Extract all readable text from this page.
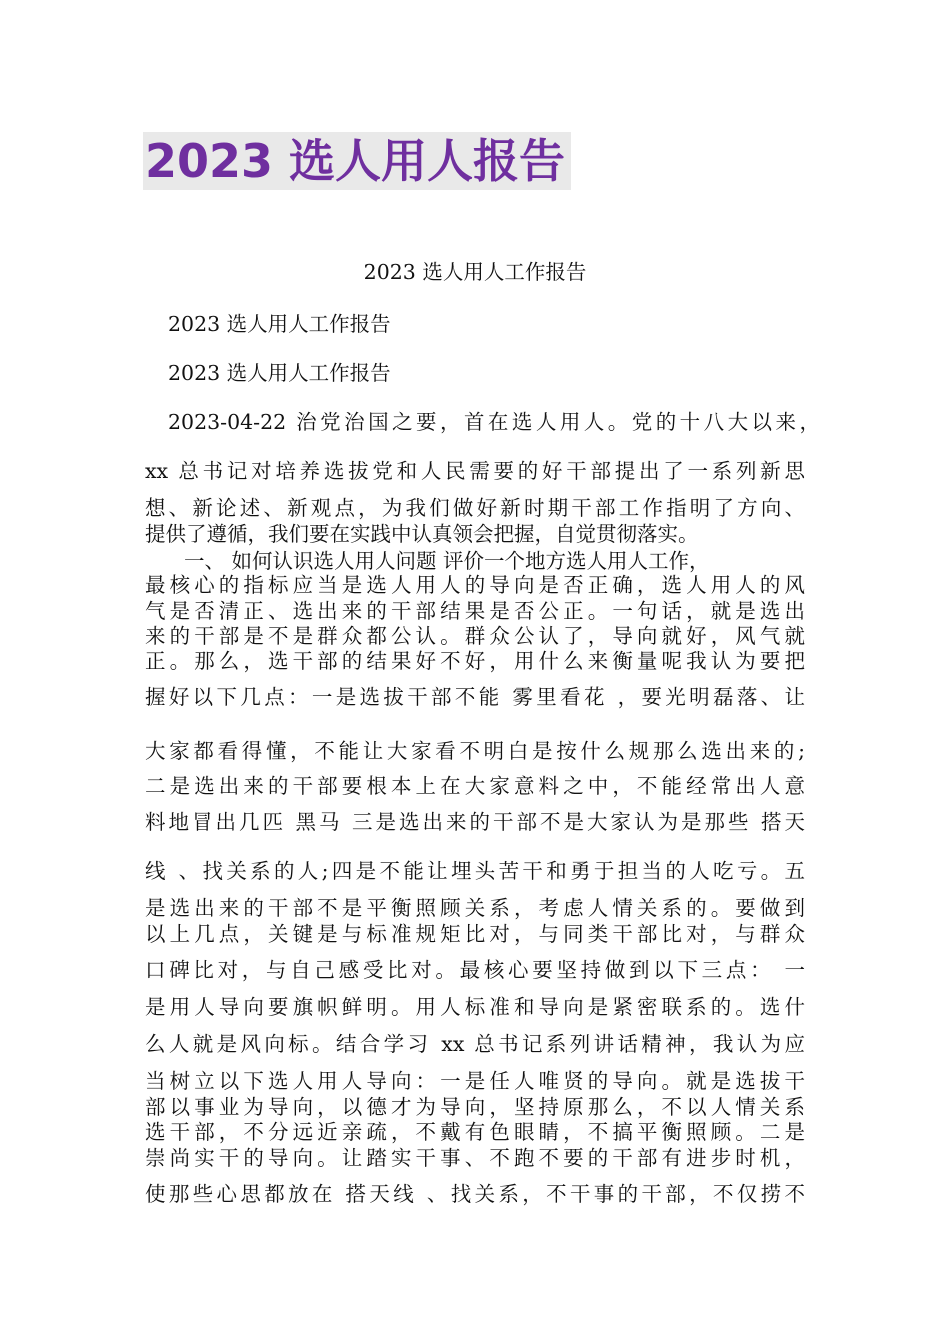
2023 选人用人报告
2023 选人用人工作报告
2023 选人用人工作报告
2023 选人用人工作报告
2023-04-22 治党治国之要，首在选人用人。党的十八大以来，
xx 总书记对培养选拔党和人民需要的好干部提出了一系列新思
想、新论述、新观点，为我们做好新时期干部工作指明了方向、
提供了遵循，我们要在实践中认真领会把握，自觉贯彻落实。
一、 如何认识选人用人问题 评价一个地方选人用人工作，
最核心的指标应当是选人用人的导向是否正确，选人用人的风
气是否清正、选出来的干部结果是否公正。一句话，就是选出
来的干部是不是群众都公认。群众公认了，导向就好，风气就
正。那么，选干部的结果好不好，用什么来衡量呢我认为要把
握好以下几点：一是选拔干部不能 雾里看花 ，要光明磊落、让
大家都看得懂，不能让大家看不明白是按什么规那么选出来的;
二是选出来的干部要根本上在大家意料之中，不能经常出人意
料地冒出几匹 黑马 三是选出来的干部不是大家认为是那些 搭天
线 、找关系的人;四是不能让埋头苦干和勇于担当的人吃亏。五
是选出来的干部不是平衡照顾关系，考虑人情关系的。要做到
以上几点，关键是与标准规矩比对，与同类干部比对，与群众
口碑比对，与自己感受比对。最核心要坚持做到以下三点： 一
是用人导向要旗帜鲜明。用人标准和导向是紧密联系的。选什
么人就是风向标。结合学习 xx 总书记系列讲话精神，我认为应
当树立以下选人用人导向：一是任人唯贤的导向。就是选拔干
部以事业为导向，以德才为导向，坚持原那么，不以人情关系
选干部，不分远近亲疏，不戴有色眼睛，不搞平衡照顾。二是
崇尚实干的导向。让踏实干事、不跑不要的干部有进步时机，
使那些心思都放在 搭天线 、找关系，不干事的干部，不仅捞不
